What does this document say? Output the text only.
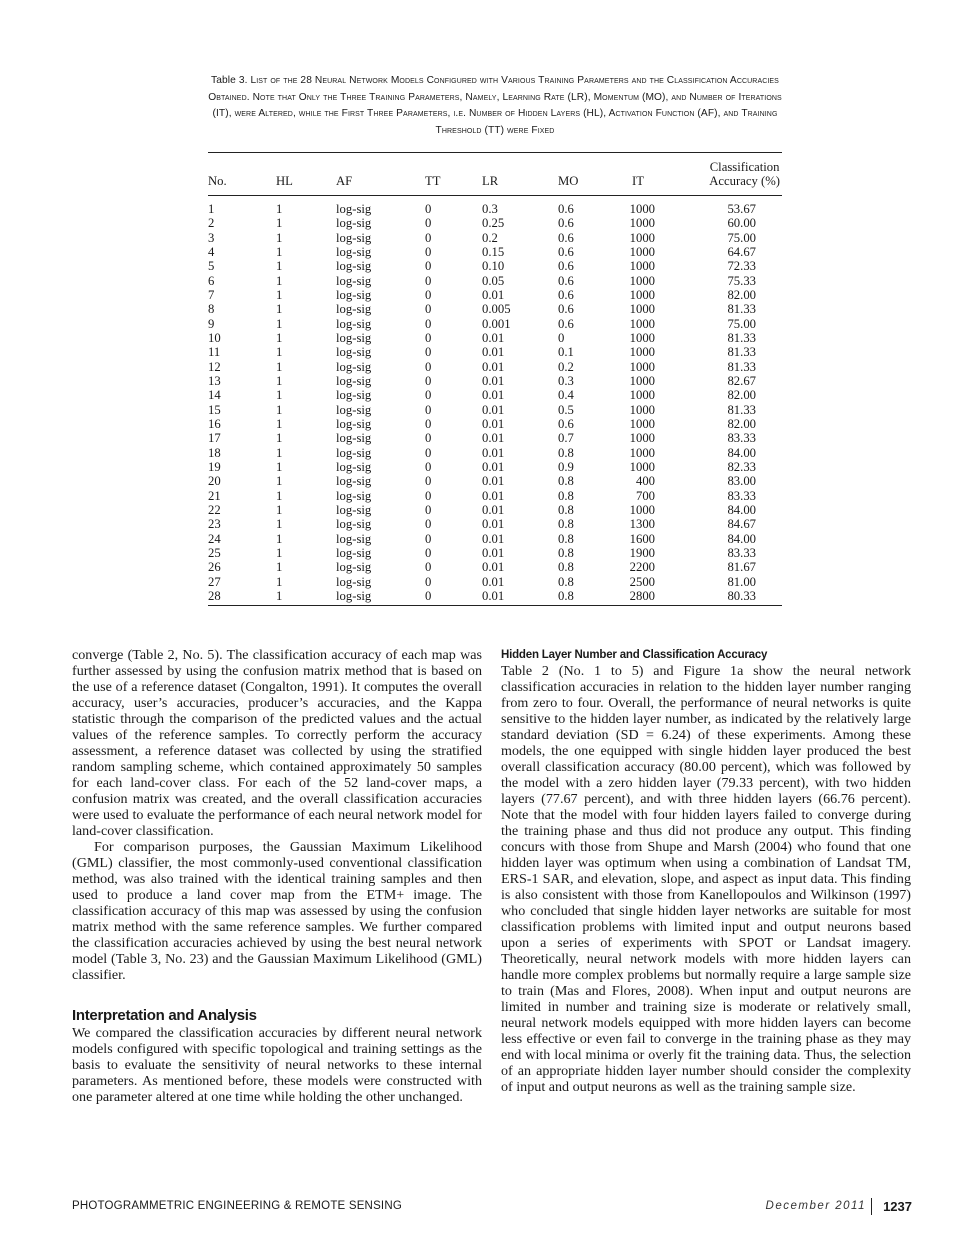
Table 3. List of the 28 Neural Network Models Configured with Various Training Parameters and the Classification Accuracies Obtained. Note that Only the Three Training Parameters, Namely, Learning Rate (LR), Momentum (MO), and Number of Iterations (IT), were Altered, while the First Three Parameters, i.e. Number of Hidden Layers (HL), Activation Function (AF), and Training Threshold (TT) were Fixed
No.	HL	AF	TT	LR	MO	IT
Classification
Accuracy (%)
1	1	log-sig	0	0.3	0.6	1000	53.67
2	1	log-sig	0	0.25	0.6	1000	60.00
3	1	log-sig	0	0.2	0.6	1000	75.00
4	1	log-sig	0	0.15	0.6	1000	64.67
5	1	log-sig	0	0.10	0.6	1000	72.33
6	1	log-sig	0	0.05	0.6	1000	75.33
7	1	log-sig	0	0.01	0.6	1000	82.00
8	1	log-sig	0	0.005	0.6	1000	81.33
9	1	log-sig	0	0.001	0.6	1000	75.00
10	1	log-sig	0	0.01	0	1000	81.33
11	1	log-sig	0	0.01	0.1	1000	81.33
12	1	log-sig	0	0.01	0.2	1000	81.33
13	1	log-sig	0	0.01	0.3	1000	82.67
14	1	log-sig	0	0.01	0.4	1000	82.00
15	1	log-sig	0	0.01	0.5	1000	81.33
16	1	log-sig	0	0.01	0.6	1000	82.00
17	1	log-sig	0	0.01	0.7	1000	83.33
18	1	log-sig	0	0.01	0.8	1000	84.00
19	1	log-sig	0	0.01	0.9	1000	82.33
20	1	log-sig	0	0.01	0.8	400	83.00
21	1	log-sig	0	0.01	0.8	700	83.33
22	1	log-sig	0	0.01	0.8	1000	84.00
23	1	log-sig	0	0.01	0.8	1300	84.67
24	1	log-sig	0	0.01	0.8	1600	84.00
25	1	log-sig	0	0.01	0.8	1900	83.33
26	1	log-sig	0	0.01	0.8	2200	81.67
27	1	log-sig	0	0.01	0.8	2500	81.00
28	1	log-sig	0	0.01	0.8	2800	80.33

converge (Table 2, No. 5). The classification accuracy of each map was further assessed by using the confusion matrix method that is based on the use of a reference dataset (Congalton, 1991). It computes the overall accuracy, user’s accuracies, producer’s accuracies, and the Kappa statistic through the comparison of the predicted values and the actual values of the reference samples. To correctly perform the accuracy assessment, a reference dataset was collected by using the stratified random sampling scheme, which contained approximately 50 samples for each land-cover class. For each of the 52 land-cover maps, a confusion matrix was created, and the overall classification accuracies were used to evaluate the performance of each neural network model for land-cover classification.

For comparison purposes, the Gaussian Maximum Likelihood (GML) classifier, the most commonly-used conventional classification method, was also trained with the identical training samples and then used to produce a land cover map from the ETM+ image. The classification accuracy of this map was assessed by using the confusion matrix method with the same reference samples. We further compared the classification accuracies achieved by using the best neural network model (Table 3, No. 23) and the Gaussian Maximum Likelihood (GML) classifier.

Interpretation and Analysis

We compared the classification accuracies by different neural network models configured with specific topological and training settings as the basis to evaluate the sensitivity of neural networks to these internal parameters. As mentioned before, these models were constructed with one parameter altered at one time while holding the other unchanged.

Hidden Layer Number and Classification Accuracy

Table 2 (No. 1 to 5) and Figure 1a show the neural network classification accuracies in relation to the hidden layer number ranging from zero to four. Overall, the performance of neural networks is quite sensitive to the hidden layer number, as indicated by the relatively large standard deviation (SD = 6.24) of these experiments. Among these models, the one equipped with single hidden layer produced the best overall classification accuracy (80.00 percent), which was followed by the model with a zero hidden layer (79.33 percent), with two hidden layers (77.67 percent), and with three hidden layers (66.76 percent). Note that the model with four hidden layers failed to converge during the training phase and thus did not produce any output. This finding concurs with those from Shupe and Marsh (2004) who found that one hidden layer was optimum when using a combination of Landsat TM, ERS-1 SAR, and elevation, slope, and aspect as input data. This finding is also consistent with those from Kanellopoulos and Wilkinson (1997) who concluded that single hidden layer networks are suitable for most classification problems with limited input and output neurons based upon a series of experiments with SPOT or Landsat imagery. Theoretically, neural network models with more hidden layers can handle more complex problems but normally require a large sample size to train (Mas and Flores, 2008). When input and output neurons are limited in number and training size is moderate or relatively small, neural network models equipped with more hidden layers can become less effective or even fail to converge in the training phase as they may end with local minima or overly fit the training data. Thus, the selection of an appropriate hidden layer number should consider the complexity of input and output neurons as well as the training sample size.

PHOTOGRAMMETRIC ENGINEERING & REMOTE SENSING	December 2011 1237
